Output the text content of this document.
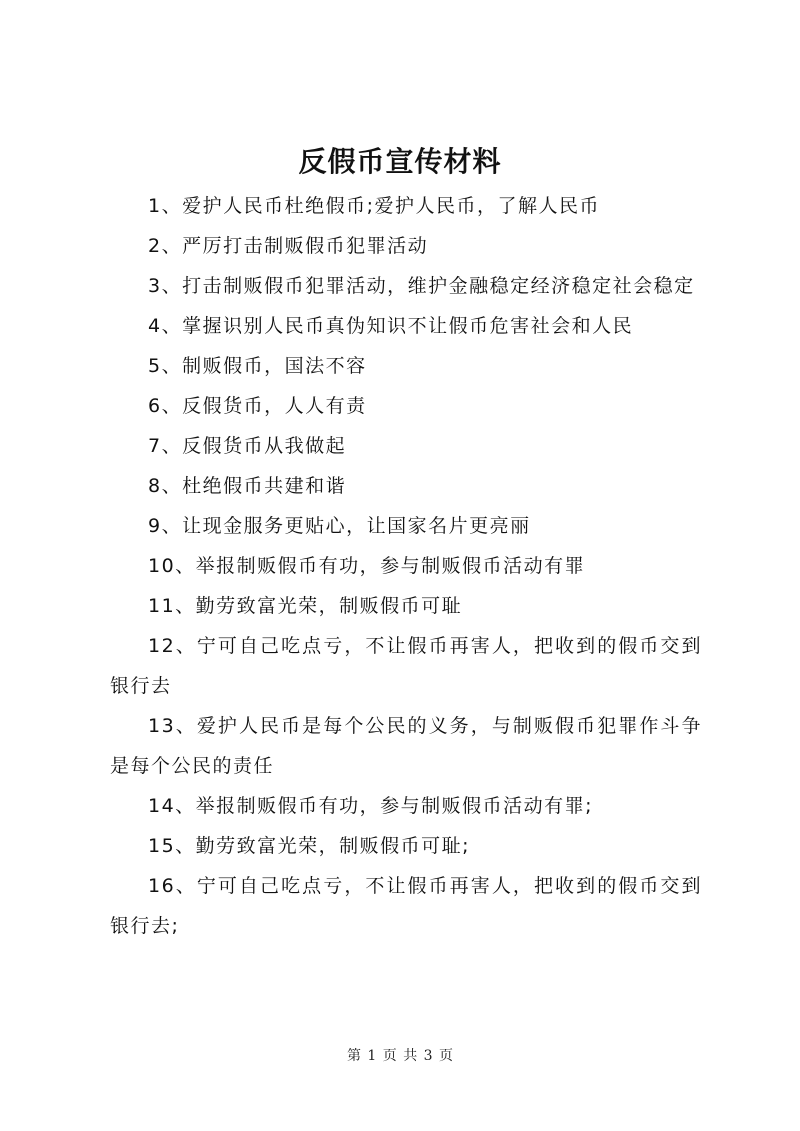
反假币宣传材料

1、爱护人民币杜绝假币;爱护人民币，了解人民币

2、严厉打击制贩假币犯罪活动

3、打击制贩假币犯罪活动，维护金融稳定经济稳定社会稳定

4、掌握识别人民币真伪知识不让假币危害社会和人民

5、制贩假币，国法不容

6、反假货币，人人有责

7、反假货币从我做起

8、杜绝假币共建和谐

9、让现金服务更贴心，让国家名片更亮丽

10、举报制贩假币有功，参与制贩假币活动有罪

11、勤劳致富光荣，制贩假币可耻

12、宁可自己吃点亏，不让假币再害人，把收到的假币交到银行去

13、爱护人民币是每个公民的义务，与制贩假币犯罪作斗争是每个公民的责任

14、举报制贩假币有功，参与制贩假币活动有罪;

15、勤劳致富光荣，制贩假币可耻;

16、宁可自己吃点亏，不让假币再害人，把收到的假币交到银行去;

第 1 页 共 3 页
